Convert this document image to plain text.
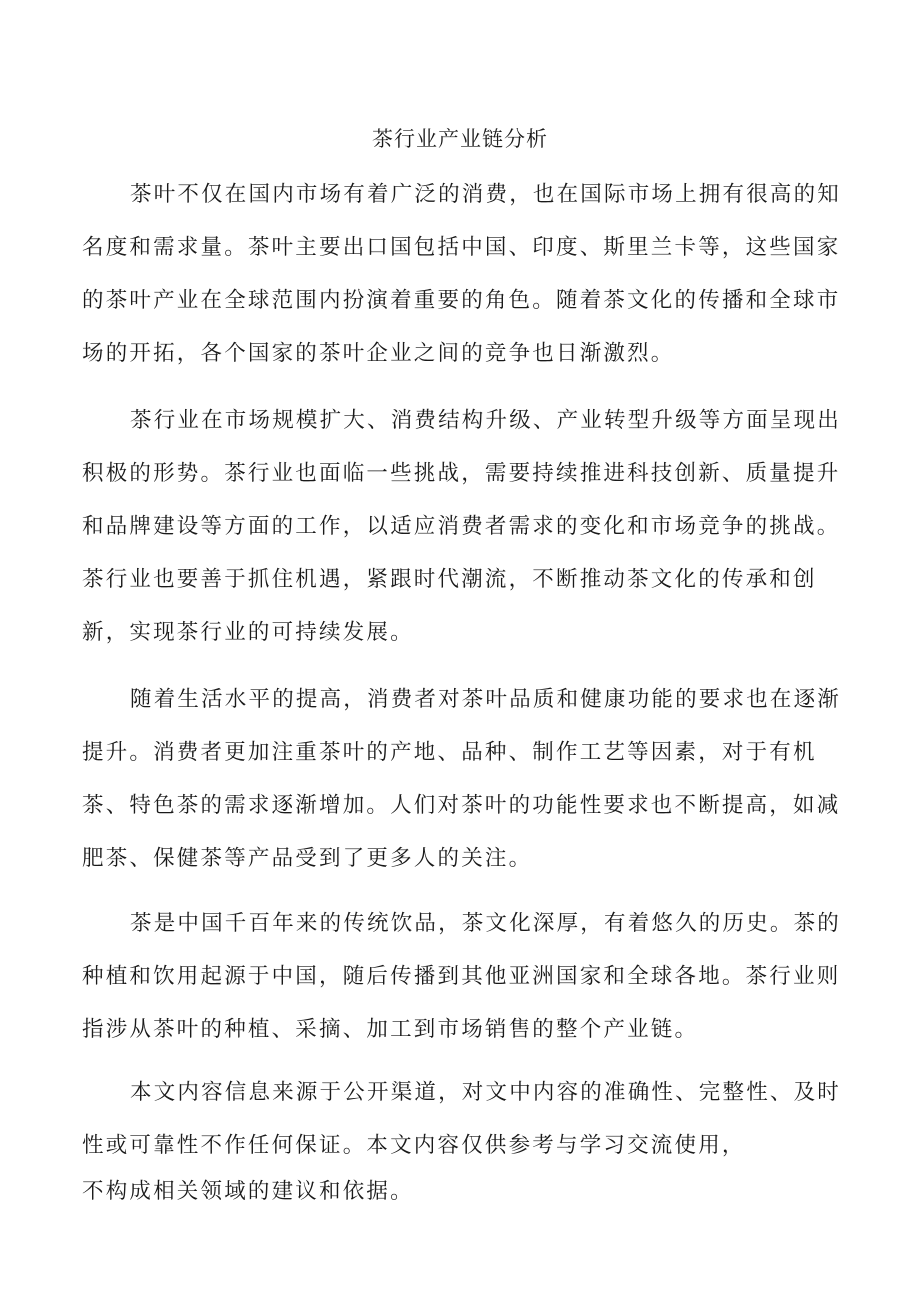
茶行业产业链分析
茶叶不仅在国内市场有着广泛的消费，也在国际市场上拥有很高的知
名度和需求量。茶叶主要出口国包括中国、印度、斯里兰卡等，这些国家
的茶叶产业在全球范围内扮演着重要的角色。随着茶文化的传播和全球市
场的开拓，各个国家的茶叶企业之间的竞争也日渐激烈。
茶行业在市场规模扩大、消费结构升级、产业转型升级等方面呈现出
积极的形势。茶行业也面临一些挑战，需要持续推进科技创新、质量提升
和品牌建设等方面的工作，以适应消费者需求的变化和市场竞争的挑战。
茶行业也要善于抓住机遇，紧跟时代潮流，不断推动茶文化的传承和创
新，实现茶行业的可持续发展。
随着生活水平的提高，消费者对茶叶品质和健康功能的要求也在逐渐
提升。消费者更加注重茶叶的产地、品种、制作工艺等因素，对于有机
茶、特色茶的需求逐渐增加。人们对茶叶的功能性要求也不断提高，如减
肥茶、保健茶等产品受到了更多人的关注。
茶是中国千百年来的传统饮品，茶文化深厚，有着悠久的历史。茶的
种植和饮用起源于中国，随后传播到其他亚洲国家和全球各地。茶行业则
指涉从茶叶的种植、采摘、加工到市场销售的整个产业链。
本文内容信息来源于公开渠道，对文中内容的准确性、完整性、及时
性或可靠性不作任何保证。本文内容仅供参考与学习交流使用，
不构成相关领域的建议和依据。
